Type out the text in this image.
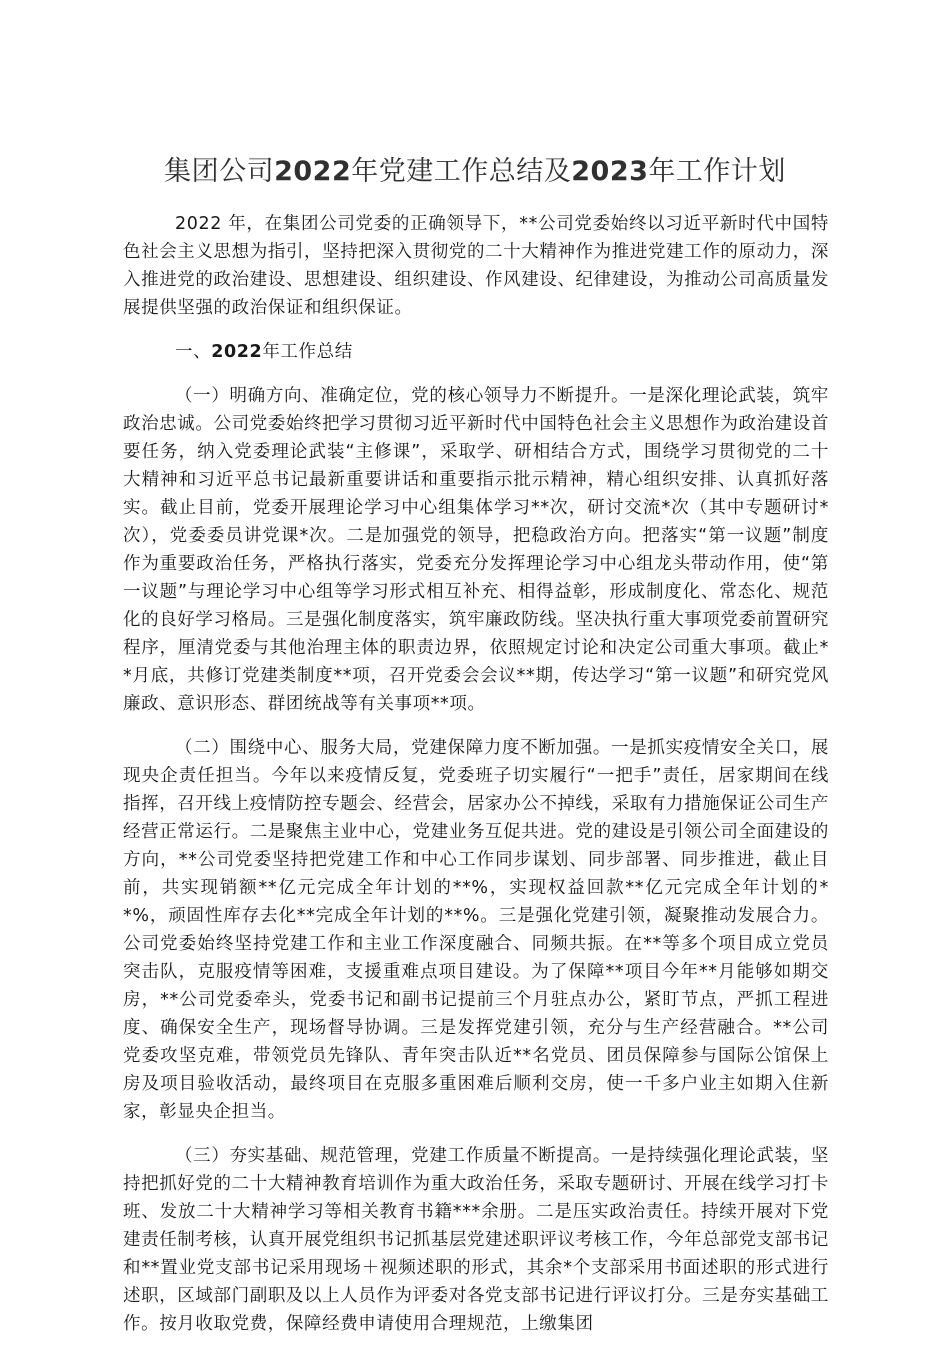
集团公司2022年党建工作总结及2023年工作计划

2022 年，在集团公司党委的正确领导下，**公司党委始终以习近平新时代中国特色社会主义思想为指引，坚持把深入贯彻党的二十大精神作为推进党建工作的原动力，深入推进党的政治建设、思想建设、组织建设、作风建设、纪律建设，为推动公司高质量发展提供坚强的政治保证和组织保证。

一、2022年工作总结

（一）明确方向、准确定位，党的核心领导力不断提升。一是深化理论武装，筑牢政治忠诚。公司党委始终把学习贯彻习近平新时代中国特色社会主义思想作为政治建设首要任务，纳入党委理论武装“主修课”，采取学、研相结合方式，围绕学习贯彻党的二十大精神和习近平总书记最新重要讲话和重要指示批示精神，精心组织安排、认真抓好落实。截止目前，党委开展理论学习中心组集体学习**次，研讨交流*次（其中专题研讨*次），党委委员讲党课*次。二是加强党的领导，把稳政治方向。把落实“第一议题”制度作为重要政治任务，严格执行落实，党委充分发挥理论学习中心组龙头带动作用，使“第一议题”与理论学习中心组等学习形式相互补充、相得益彰，形成制度化、常态化、规范化的良好学习格局。三是强化制度落实，筑牢廉政防线。坚决执行重大事项党委前置研究程序，厘清党委与其他治理主体的职责边界，依照规定讨论和决定公司重大事项。截止**月底，共修订党建类制度**项，召开党委会会议**期，传达学习“第一议题”和研究党风廉政、意识形态、群团统战等有关事项**项。

（二）围绕中心、服务大局，党建保障力度不断加强。一是抓实疫情安全关口，展现央企责任担当。今年以来疫情反复，党委班子切实履行“一把手”责任，居家期间在线指挥，召开线上疫情防控专题会、经营会，居家办公不掉线，采取有力措施保证公司生产经营正常运行。二是聚焦主业中心，党建业务互促共进。党的建设是引领公司全面建设的方向，**公司党委坚持把党建工作和中心工作同步谋划、同步部署、同步推进，截止目前，共实现销额**亿元完成全年计划的**%，实现权益回款**亿元完成全年计划的**%，顽固性库存去化**完成全年计划的**%。三是强化党建引领，凝聚推动发展合力。公司党委始终坚持党建工作和主业工作深度融合、同频共振。在**等多个项目成立党员突击队，克服疫情等困难，支援重难点项目建设。为了保障**项目今年**月能够如期交房，**公司党委牵头，党委书记和副书记提前三个月驻点办公，紧盯节点，严抓工程进度、确保安全生产，现场督导协调。三是发挥党建引领，充分与生产经营融合。**公司党委攻坚克难，带领党员先锋队、青年突击队近**名党员、团员保障参与国际公馆保上房及项目验收活动，最终项目在克服多重困难后顺利交房，使一千多户业主如期入住新家，彰显央企担当。

（三）夯实基础、规范管理，党建工作质量不断提高。一是持续强化理论武装，坚持把抓好党的二十大精神教育培训作为重大政治任务，采取专题研讨、开展在线学习打卡班、发放二十大精神学习等相关教育书籍***余册。二是压实政治责任。持续开展对下党建责任制考核，认真开展党组织书记抓基层党建述职评议考核工作，今年总部党支部书记和**置业党支部书记采用现场＋视频述职的形式，其余*个支部采用书面述职的形式进行述职，区域部门副职及以上人员作为评委对各党支部书记进行评议打分。三是夯实基础工作。按月收取党费，保障经费申请使用合理规范，上缴集团
